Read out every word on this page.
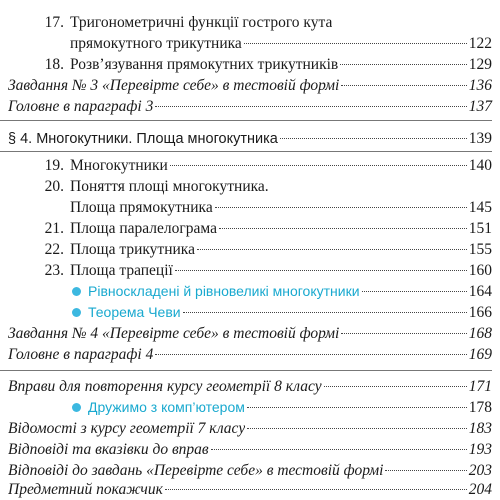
17. Тригонометричні функції гострого кута
прямокутного трикутника	122
18. Розв’язування прямокутних трикутників	129
Завдання № 3 «Перевірте себе» в тестовій формі	136
Головне в параграфі 3	137
§ 4. Многокутники. Площа многокутника	139
19. Многокутники	140
20. Поняття площі многокутника.
Площа прямокутника	145
21. Площа паралелограма	151
22. Площа трикутника	155
23. Площа трапеції	160
Рівноскладені й рівновеликі многокутники	164
Теорема Чеви	166
Завдання № 4 «Перевірте себе» в тестовій формі	168
Головне в параграфі 4	169
Вправи для повторення курсу геометрії 8 класу	171
Дружимо з комп’ютером	178
Відомості з курсу геометрії 7 класу	183
Відповіді та вказівки до вправ	193
Відповіді до завдань «Перевірте себе» в тестовій формі	203
Предметний покажчик	204
